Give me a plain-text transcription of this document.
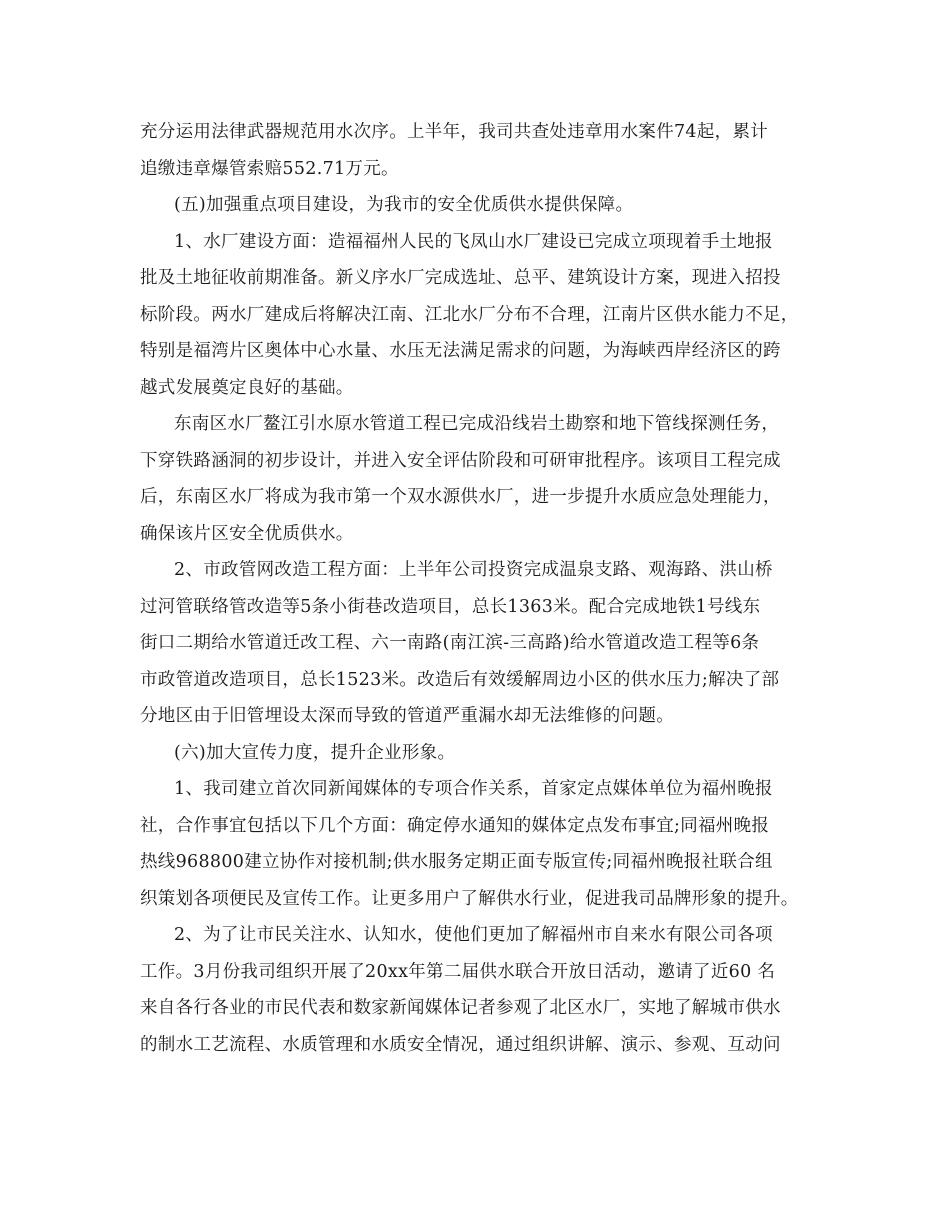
充分运用法律武器规范用水次序。上半年，我司共查处违章用水案件74起，累计
追缴违章爆管索赔552.71万元。
(五)加强重点项目建设，为我市的安全优质供水提供保障。
1、水厂建设方面：造福福州人民的飞凤山水厂建设已完成立项现着手土地报
批及土地征收前期准备。新义序水厂完成选址、总平、建筑设计方案，现进入招投
标阶段。两水厂建成后将解决江南、江北水厂分布不合理，江南片区供水能力不足，
特别是福湾片区奥体中心水量、水压无法满足需求的问题，为海峡西岸经济区的跨
越式发展奠定良好的基础。
东南区水厂鳌江引水原水管道工程已完成沿线岩土勘察和地下管线探测任务，
下穿铁路涵洞的初步设计，并进入安全评估阶段和可研审批程序。该项目工程完成
后，东南区水厂将成为我市第一个双水源供水厂，进一步提升水质应急处理能力，
确保该片区安全优质供水。
2、市政管网改造工程方面：上半年公司投资完成温泉支路、观海路、洪山桥
过河管联络管改造等5条小街巷改造项目，总长1363米。配合完成地铁1号线东
街口二期给水管道迁改工程、六一南路(南江滨-三高路)给水管道改造工程等6条
市政管道改造项目，总长1523米。改造后有效缓解周边小区的供水压力;解决了部
分地区由于旧管埋设太深而导致的管道严重漏水却无法维修的问题。
(六)加大宣传力度，提升企业形象。
1、我司建立首次同新闻媒体的专项合作关系，首家定点媒体单位为福州晚报
社，合作事宜包括以下几个方面：确定停水通知的媒体定点发布事宜;同福州晚报
热线968800建立协作对接机制;供水服务定期正面专版宣传;同福州晚报社联合组
织策划各项便民及宣传工作。让更多用户了解供水行业，促进我司品牌形象的提升。
2、为了让市民关注水、认知水，使他们更加了解福州市自来水有限公司各项
工作。3月份我司组织开展了20xx年第二届供水联合开放日活动，邀请了近60 名
来自各行各业的市民代表和数家新闻媒体记者参观了北区水厂，实地了解城市供水
的制水工艺流程、水质管理和水质安全情况，通过组织讲解、演示、参观、互动问
